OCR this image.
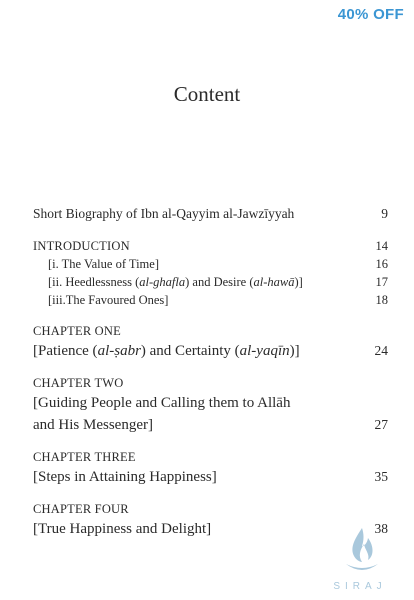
40% OFF
Content
Short Biography of Ibn al-Qayyim al-Jawzīyyah	9
INTRODUCTION	14
[i. The Value of Time]	16
[ii. Heedlessness (al-ghafla) and Desire (al-hawā)]	17
[iii.The Favoured Ones]	18
CHAPTER ONE
[Patience (al-ṣabr) and Certainty (al-yaqīn)]	24
CHAPTER TWO
[Guiding People and Calling them to Allāh
and His Messenger]	27
CHAPTER THREE
[Steps in Attaining Happiness]	35
CHAPTER FOUR
[True Happiness and Delight]	38
SIRAJ
